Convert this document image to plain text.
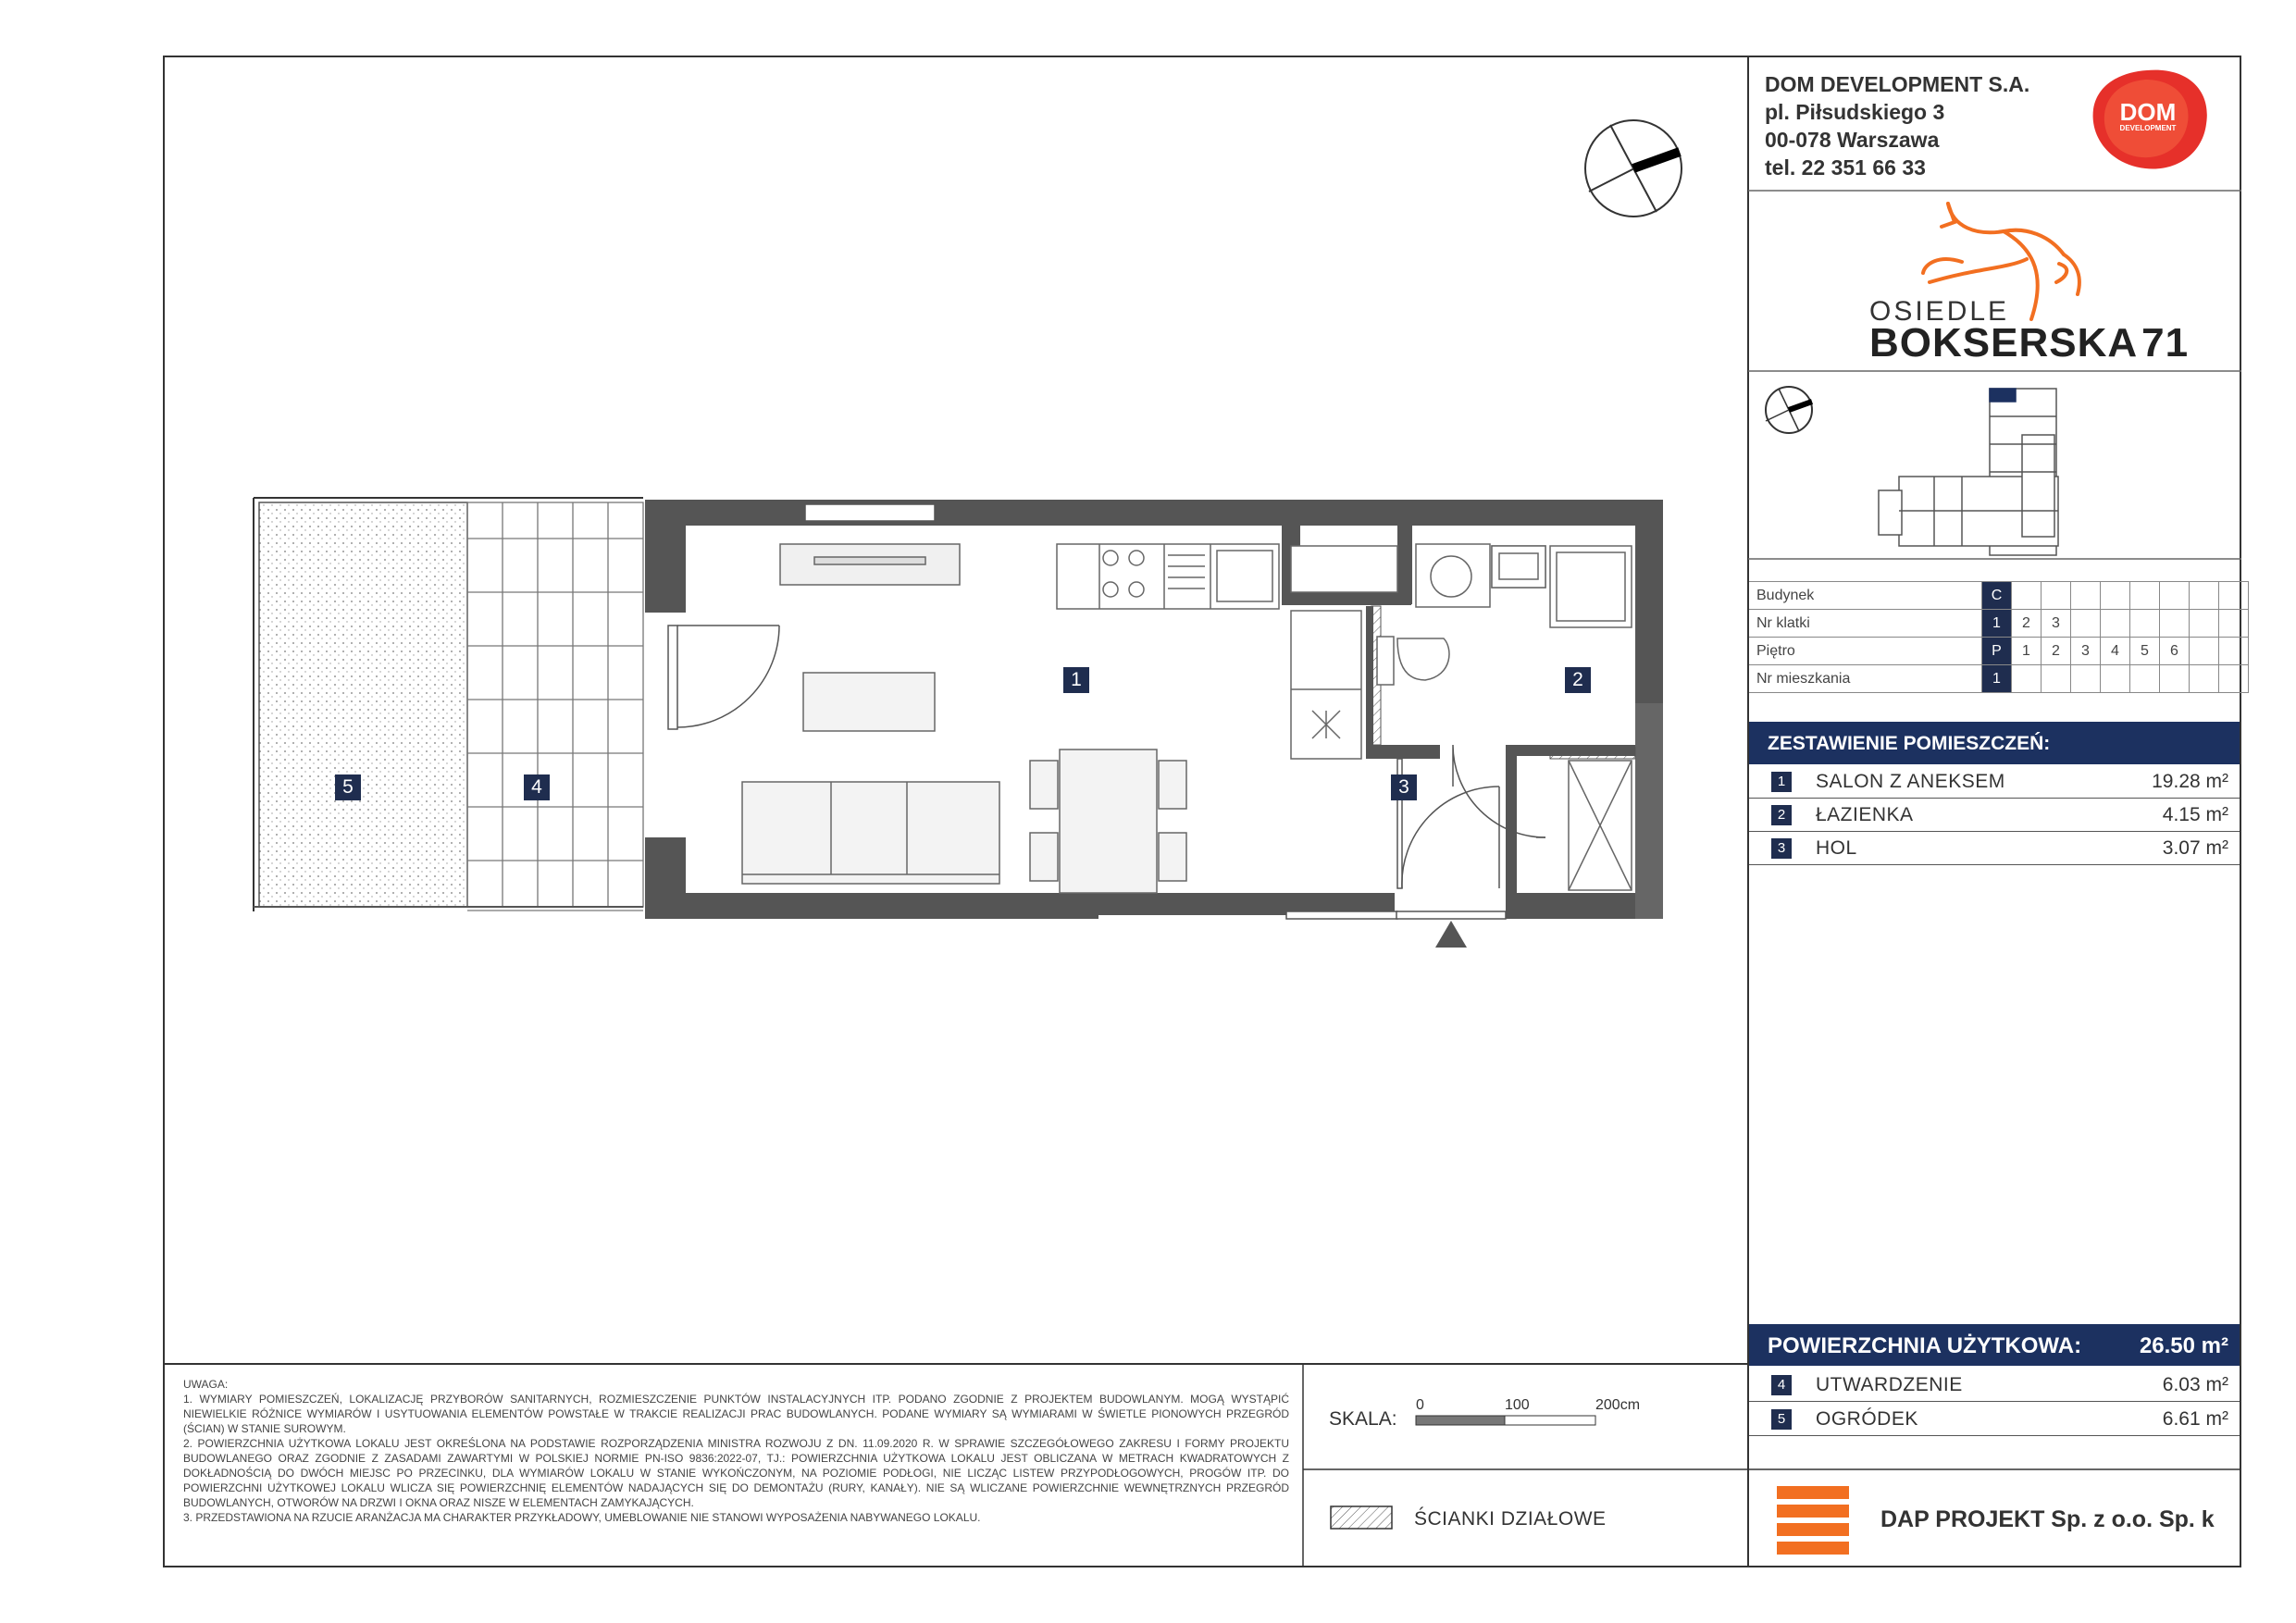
1	2
3
4
5
DOM DEVELOPMENT S.A.
pl. Piłsudskiego 3
00-078 Warszawa
tel. 22 351 66 33
DOM
DEVELOPMENT
OSIEDLE
BOKSERSKA71
Budynek	C								
Nr klatki	1	2	3						
Piętro	P	1	2	3	4	5	6		
Nr mieszkania	1								
ZESTAWIENIE POMIESZCZEŃ:
1	SALON Z ANEKSEM	19.28 m²
2	ŁAZIENKA	4.15 m²
3	HOL	3.07 m²
POWIERZCHNIA UŻYTKOWA:	26.50 m²
4	UTWARDZENIE	6.03 m²
5	OGRÓDEK	6.61 m²

UWAGA:

1. WYMIARY POMIESZCZEŃ, LOKALIZACJĘ PRZYBORÓW SANITARNYCH, ROZMIESZCZENIE PUNKTÓW INSTALACYJNYCH ITP. PODANO ZGODNIE Z PROJEKTEM BUDOWLANYM. MOGĄ WYSTĄPIĆ NIEWIELKIE RÓŻNICE WYMIARÓW I USYTUOWANIA ELEMENTÓW POWSTAŁE W TRAKCIE REALIZACJI PRAC BUDOWLANYCH. PODANE WYMIARY SĄ WYMIARAMI W ŚWIETLE PIONOWYCH PRZEGRÓD (ŚCIAN) W STANIE SUROWYM.

2. POWIERZCHNIA UŻYTKOWA LOKALU JEST OKREŚLONA NA PODSTAWIE ROZPORZĄDZENIA MINISTRA ROZWOJU Z DN. 11.09.2020 R. W SPRAWIE SZCZEGÓŁOWEGO ZAKRESU I FORMY PROJEKTU BUDOWLANEGO ORAZ ZGODNIE Z ZASADAMI ZAWARTYMI W POLSKIEJ NORMIE PN-ISO 9836:2022-07, TJ.: POWIERZCHNIA UŻYTKOWA LOKALU JEST OBLICZANA W METRACH KWADRATOWYCH Z DOKŁADNOŚCIĄ DO DWÓCH MIEJSC PO PRZECINKU, DLA WYMIARÓW LOKALU W STANIE WYKOŃCZONYM, NA POZIOMIE PODŁOGI, NIE LICZĄC LISTEW PRZYPODŁOGOWYCH, PROGÓW ITP. DO POWIERZCHNI UŻYTKOWEJ LOKALU WLICZA SIĘ POWIERZCHNIĘ ELEMENTÓW NADAJĄCYCH SIĘ DO DEMONTAŻU (RURY, KANAŁY). NIE SĄ WLICZANE POWIERZCHNIE WEWNĘTRZNYCH PRZEGRÓD BUDOWLANYCH, OTWORÓW NA DRZWI I OKNA ORAZ NISZE W ELEMENTACH ZAMYKAJĄCYCH.

3. PRZEDSTAWIONA NA RZUCIE ARANŻACJA MA CHARAKTER PRZYKŁADOWY, UMEBLOWANIE NIE STANOWI WYPOSAŻENIA NABYWANEGO LOKALU.

SKALA:
0	100	200cm
ŚCIANKI DZIAŁOWE	DAP PROJEKT Sp. z o.o. Sp. k
